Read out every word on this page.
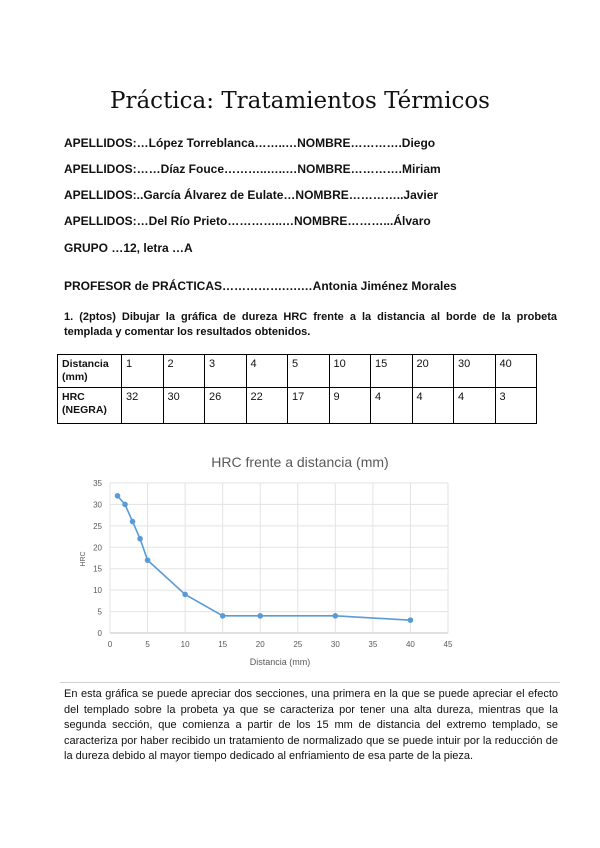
Práctica: Tratamientos Térmicos
APELLIDOS:…López Torreblanca……..…NOMBRE………….Diego
APELLIDOS:……Díaz Fouce………..…..…NOMBRE………….Miriam
APELLIDOS:..García Álvarez de Eulate…NOMBRE…………..Javier
APELLIDOS:…Del Río Prieto…………..…NOMBRE………...Álvaro
GRUPO …12, letra …A
PROFESOR de PRÁCTICAS…………….….…Antonia Jiménez Morales
1. (2ptos) Dibujar la gráfica de dureza HRC frente a la distancia al borde de la probeta templada y comentar los resultados obtenidos.
Distancia (mm)	1	2	3	4	5	10	15	20	30	40
HRC (NEGRA)	32	30	26	22	17	9	4	4	4	3
HRC frente a distancia (mm)
Distancia (mm)
HRC
0
5
10
15
20
25
30
35
0	5	10	15	20	25	30	35	40	45
En esta gráfica se puede apreciar dos secciones, una primera en la que se puede apreciar el efecto del templado sobre la probeta ya que se caracteriza por tener una alta dureza, mientras que la segunda sección, que comienza a partir de los 15 mm de distancia del extremo templado, se caracteriza por haber recibido un tratamiento de normalizado que se puede intuir por la reducción de la dureza debido al mayor tiempo dedicado al enfriamiento de esa parte de la pieza.
